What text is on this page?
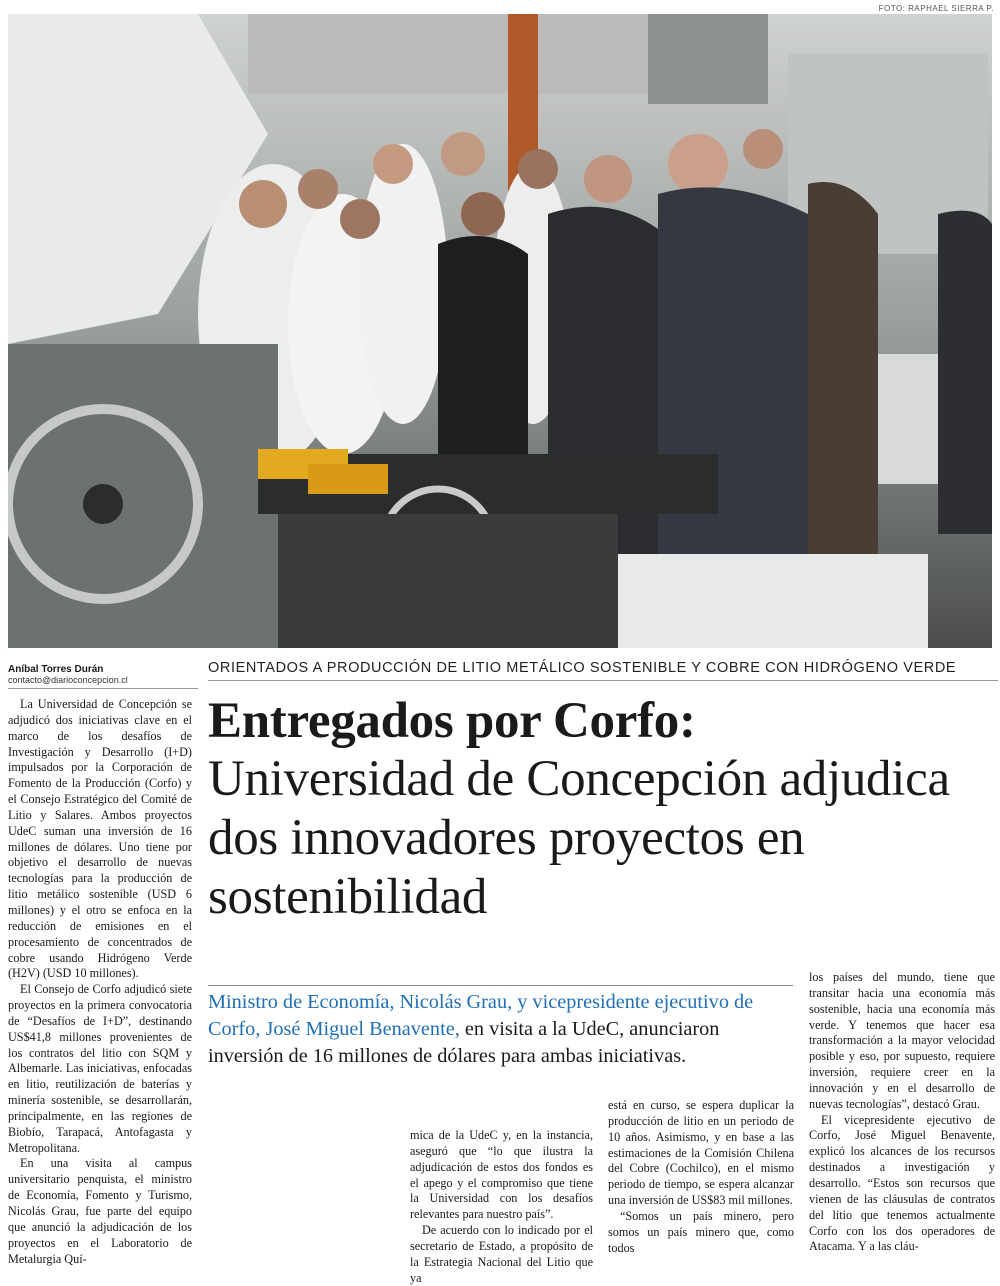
FOTO: RAPHAEL SIERRA P.
Aníbal Torres Durán
contacto@diarioconcepcion.cl
ORIENTADOS A PRODUCCIÓN DE LITIO METÁLICO SOSTENIBLE Y COBRE CON HIDRÓGENO VERDE
Entregados por Corfo:
Universidad de Concepción adjudica dos innovadores proyectos en sostenibilidad

La Universidad de Concepción se adjudicó dos iniciativas clave en el marco de los desafíos de Investigación y Desarrollo (I+D) impulsados por la Corporación de Fomento de la Producción (Corfo) y el Consejo Estratégico del Comité de Litio y Salares. Ambos proyectos UdeC suman una inversión de 16 millones de dólares. Uno tiene por objetivo el desarrollo de nuevas tecnologías para la producción de litio metálico sostenible (USD 6 millones) y el otro se enfoca en la reducción de emisiones en el procesamiento de concentrados de cobre usando Hidrógeno Verde (H2V) (USD 10 millones).

El Consejo de Corfo adjudicó siete proyectos en la primera convocatoria de “Desafíos de I+D”, destinando US$41,8 millones provenientes de los contratos del litio con SQM y Albemarle. Las iniciativas, enfocadas en litio, reutilización de baterías y minería sostenible, se desarrollarán, principalmente, en las regiones de Biobío, Tarapacá, Antofagasta y Metropolitana.

En una visita al campus universitario penquista, el ministro de Economía, Fomento y Turismo, Nicolás Grau, fue parte del equipo que anunció la adjudicación de los proyectos en el Laboratorio de Metalurgia Quí-

Ministro de Economía, Nicolás Grau, y vicepresidente ejecutivo de Corfo, José Miguel Benavente, en visita a la UdeC, anunciaron inversión de 16 millones de dólares para ambas iniciativas.

mica de la UdeC y, en la instancia, aseguró que “lo que ilustra la adjudicación de estos dos fondos es el apego y el compromiso que tiene la Universidad con los desafíos relevantes para nuestro país”.

De acuerdo con lo indicado por el secretario de Estado, a propósito de la Estrategia Nacional del Litio que ya

está en curso, se espera duplicar la producción de litio en un periodo de 10 años. Asimismo, y en base a las estimaciones de la Comisión Chilena del Cobre (Cochilco), en el mismo periodo de tiempo, se espera alcanzar una inversión de US$83 mil millones.

“Somos un país minero, pero somos un país minero que, como todos

los países del mundo, tiene que transitar hacia una economía más sostenible, hacia una economía más verde. Y tenemos que hacer esa transformación a la mayor velocidad posible y eso, por supuesto, requiere inversión, requiere creer en la innovación y en el desarrollo de nuevas tecnologías”, destacó Grau.

El vicepresidente ejecutivo de Corfo, José Miguel Benavente, explicó los alcances de los recursos destinados a investigación y desarrollo. “Estos son recursos que vienen de las cláusulas de contratos del litio que tenemos actualmente Corfo con los dos operadores de Atacama. Y a las cláu-
